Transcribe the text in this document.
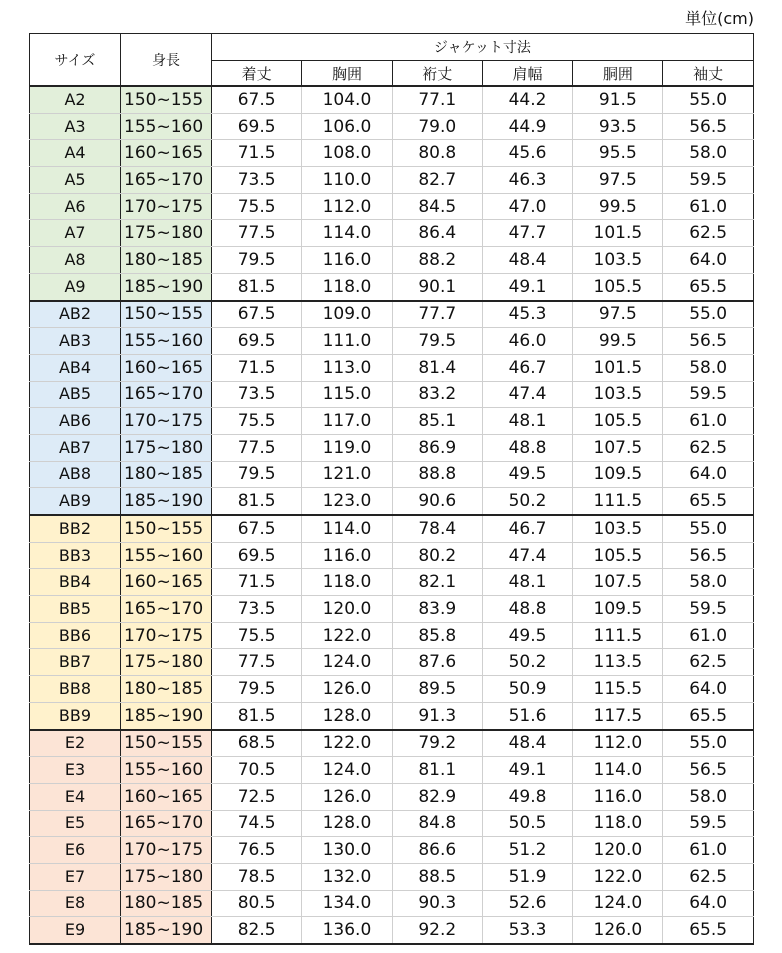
単位(cm)
サイズ	身長	ジャケット寸法					
		着丈	胸囲	裄丈	肩幅	胴囲	袖丈
A2	150~155	67.5	104.0	77.1	44.2	91.5	55.0
A3	155~160	69.5	106.0	79.0	44.9	93.5	56.5
A4	160~165	71.5	108.0	80.8	45.6	95.5	58.0
A5	165~170	73.5	110.0	82.7	46.3	97.5	59.5
A6	170~175	75.5	112.0	84.5	47.0	99.5	61.0
A7	175~180	77.5	114.0	86.4	47.7	101.5	62.5
A8	180~185	79.5	116.0	88.2	48.4	103.5	64.0
A9	185~190	81.5	118.0	90.1	49.1	105.5	65.5
AB2	150~155	67.5	109.0	77.7	45.3	97.5	55.0
AB3	155~160	69.5	111.0	79.5	46.0	99.5	56.5
AB4	160~165	71.5	113.0	81.4	46.7	101.5	58.0
AB5	165~170	73.5	115.0	83.2	47.4	103.5	59.5
AB6	170~175	75.5	117.0	85.1	48.1	105.5	61.0
AB7	175~180	77.5	119.0	86.9	48.8	107.5	62.5
AB8	180~185	79.5	121.0	88.8	49.5	109.5	64.0
AB9	185~190	81.5	123.0	90.6	50.2	111.5	65.5
BB2	150~155	67.5	114.0	78.4	46.7	103.5	55.0
BB3	155~160	69.5	116.0	80.2	47.4	105.5	56.5
BB4	160~165	71.5	118.0	82.1	48.1	107.5	58.0
BB5	165~170	73.5	120.0	83.9	48.8	109.5	59.5
BB6	170~175	75.5	122.0	85.8	49.5	111.5	61.0
BB7	175~180	77.5	124.0	87.6	50.2	113.5	62.5
BB8	180~185	79.5	126.0	89.5	50.9	115.5	64.0
BB9	185~190	81.5	128.0	91.3	51.6	117.5	65.5
E2	150~155	68.5	122.0	79.2	48.4	112.0	55.0
E3	155~160	70.5	124.0	81.1	49.1	114.0	56.5
E4	160~165	72.5	126.0	82.9	49.8	116.0	58.0
E5	165~170	74.5	128.0	84.8	50.5	118.0	59.5
E6	170~175	76.5	130.0	86.6	51.2	120.0	61.0
E7	175~180	78.5	132.0	88.5	51.9	122.0	62.5
E8	180~185	80.5	134.0	90.3	52.6	124.0	64.0
E9	185~190	82.5	136.0	92.2	53.3	126.0	65.5
